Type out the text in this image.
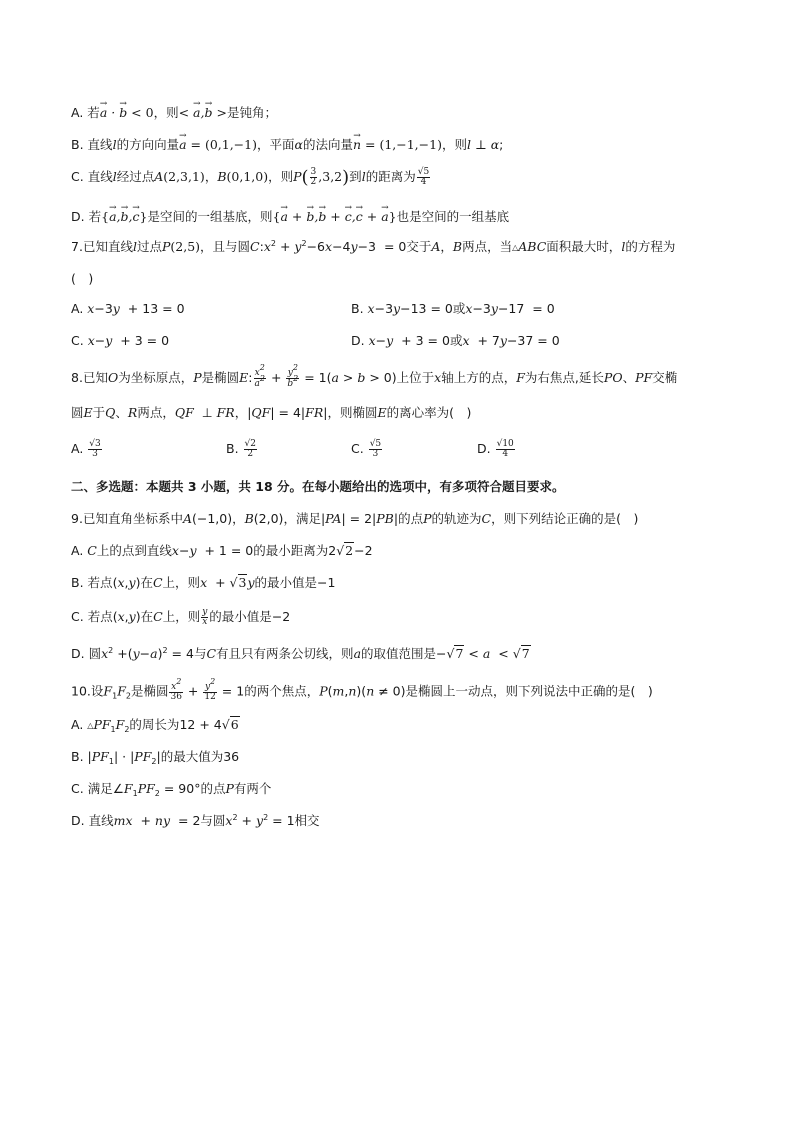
A. 若→ a · → b < 0，则< → a,→ b >是钝角；
B. 直线l的方向向量→ a = (0,1,−1)，平面α的法向量→ n = (1,−1,−1)，则l ⊥ α;
C. 直线l经过点A(2,3,1)，B(0,1,0)，则$P( \frac{3}{2} ,3,2)$到l的距离为 $\frac{√5}{4}$
D. 若{→ a,→ b,→ c}是空间的一组基底，则{→ a + → b,→ b + → c,→ c + → a}也是空间的一组基底
7.已知直线l过点P(2,5)，且与圆$C:x^2 + y^2-6x-4y-3 = 0$交于A，B两点，当△ABC面积最大时，l的方程为
(　)
A. x−3y  + 13 = 0	B. x−3y−13 = 0或x−3y−17  = 0
C. x−y  + 3 = 0	D. x−y  + 3 = 0或x  + 7y−37 = 0
8.已知O为坐标原点，P是椭圆E: $\frac{x^2}{a^2} + \frac{y^2}{b^2} = 1(a > b > 0)$上位于x轴上方的点，F为右焦点,延长PO、PF交椭
圆E于Q、R两点，QF  ⊥ FR，|QF| = 4|FR|，则椭圆E的离心率为(　)
A. $\frac{√3}{3}$	B. $\frac{√2}{2}$	C. $\frac{√5}{3}$	D. $\frac{√10}{4}$
二、多选题：本题共 3 小题，共 18 分。在每小题给出的选项中，有多项符合题目要求。
9.已知直角坐标系中A(−1,0)，B(2,0)，满足|PA| = 2|PB|的点P的轨迹为C，则下列结论正确的是(　)
A. C上的点到直线x−y  + 1 = 0的最小距离为2√2−2
B. 若点(x,y)在C上，则x  + √3y的最小值是−1
C. 若点(x,y)在C上，则 $\frac{y}{x}$ 的最小值是−2
D. 圆$x^2 +(y-a)^2 = 4$与C有且只有两条公切线，则a的取值范围是−√7 < a  < √7
10.设$F_1F_2$是椭圆 $\frac{x^2}{36} + \frac{y^2}{12} = 1$的两个焦点，P(m,n)(n ≠ 0)是椭圆上一动点，则下列说法中正确的是(　)
A. $\triangle PF_1F_2$的周长为12 + 4√6
B. $|PF_1| \cdot |PF_2|$的最大值为36
C. 满足$\angle F_1PF_2 = 90^\circ$的点P有两个
D. 直线mx  + ny  = 2与圆$x^2 + y^2 = 1$相交
